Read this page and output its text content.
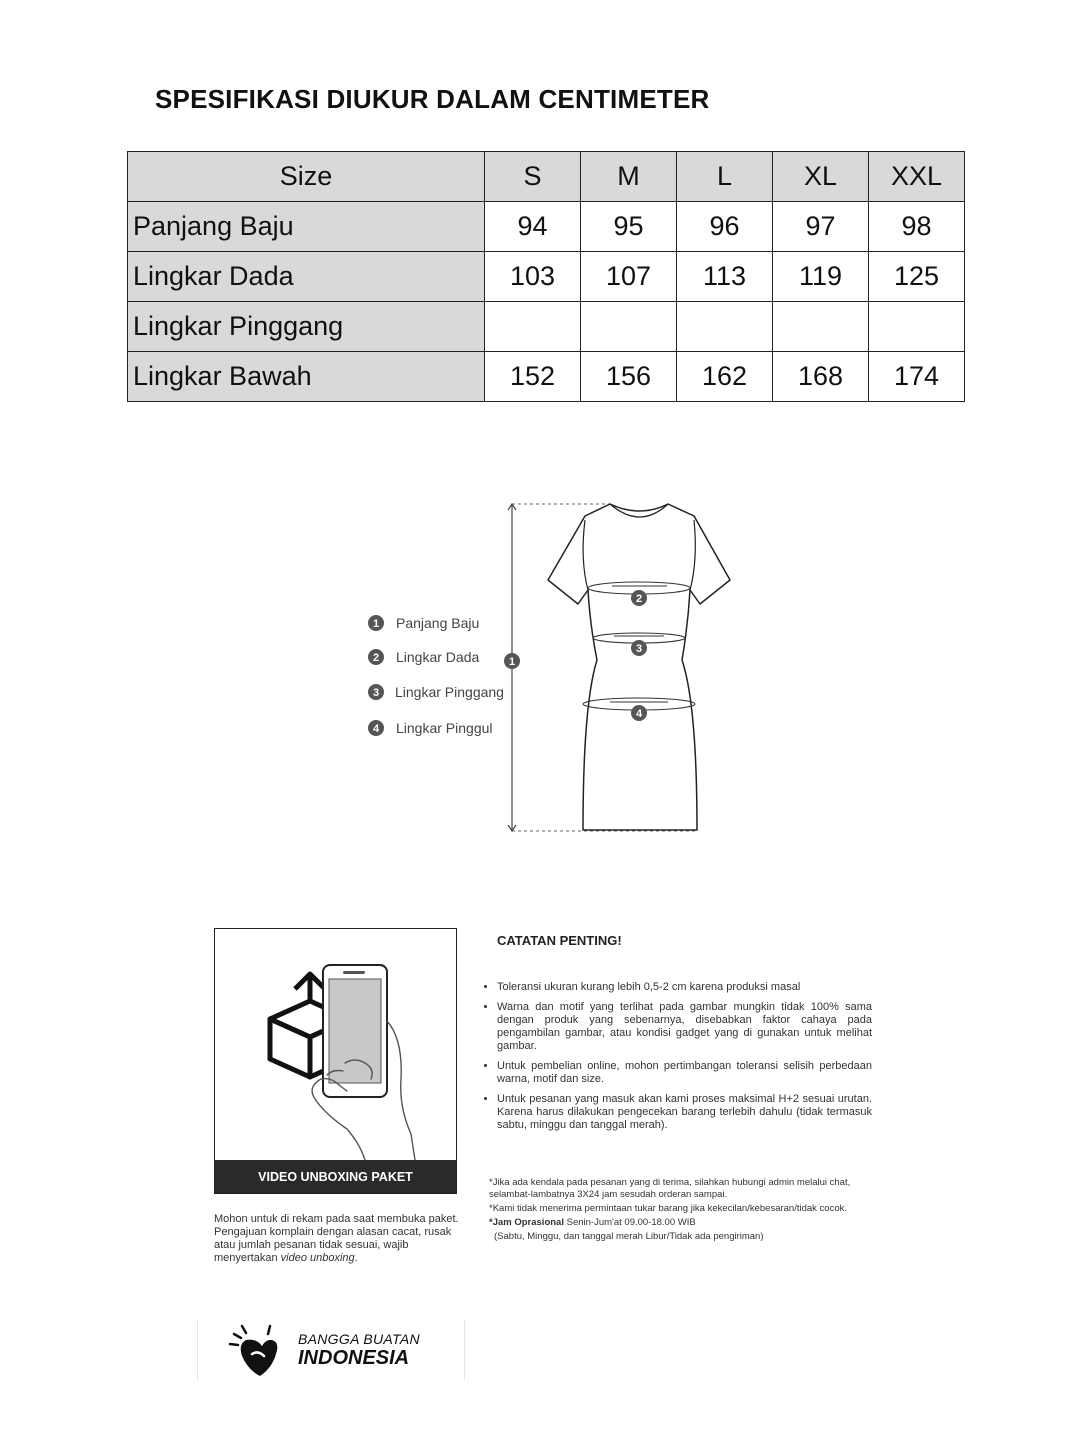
SPESIFIKASI DIUKUR DALAM CENTIMETER
Size	S	M	L	XL	XXL
Panjang Baju	94	95	96	97	98
Lingkar Dada	103	107	113	119	125
Lingkar Pinggang					
Lingkar Bawah	152	156	162	168	174
1 Panjang Baju
2 Lingkar Dada
3 Lingkar Pinggang
4 Lingkar Pinggul
1
2
3
4
VIDEO UNBOXING PAKET
Mohon untuk di rekam pada saat membuka paket. Pengajuan komplain dengan alasan cacat, rusak atau jumlah pesanan tidak sesuai, wajib menyertakan video unboxing.
CATATAN PENTING!
• Toleransi ukuran kurang lebih 0,5-2 cm karena produksi masal
• Warna dan motif yang terlihat pada gambar mungkin tidak 100% sama dengan produk yang sebenarnya, disebabkan faktor cahaya pada pengambilan gambar, atau kondisi gadget yang di gunakan untuk melihat gambar.
• Untuk pembelian online, mohon pertimbangan toleransi selisih perbedaan warna, motif dan size.
• Untuk pesanan yang masuk akan kami proses maksimal H+2 sesuai urutan. Karena harus dilakukan pengecekan barang terlebih dahulu (tidak termasuk sabtu, minggu dan tanggal merah).
*Jika ada kendala pada pesanan yang di terima, silahkan hubungi admin melalui chat, selambat-lambatnya 3X24 jam sesudah orderan sampai.
*Kami tidak menerima permintaan tukar barang jika kekecilan/kebesaran/tidak cocok.
*Jam Oprasional Senin-Jum'at 09.00-18.00 WIB
(Sabtu, Minggu, dan tanggal merah Libur/Tidak ada pengiriman)
BANGGA BUATAN
INDONESIA
